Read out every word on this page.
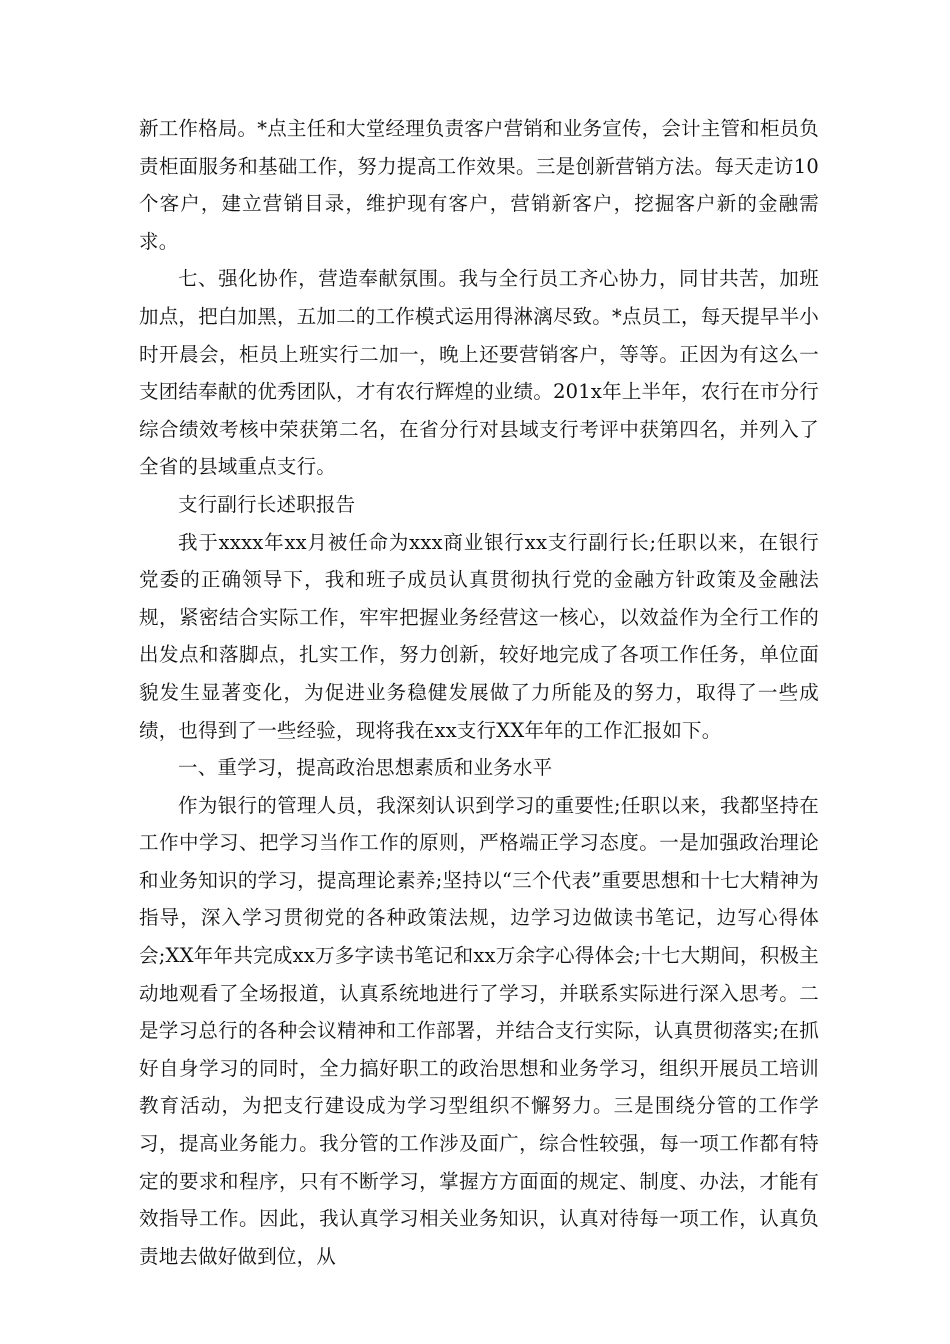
新工作格局。*点主任和大堂经理负责客户营销和业务宣传，会计主管和柜员负责柜面服务和基础工作，努力提高工作效果。三是创新营销方法。每天走访10个客户，建立营销目录，维护现有客户，营销新客户，挖掘客户新的金融需求。

七、强化协作，营造奉献氛围。我与全行员工齐心协力，同甘共苦，加班加点，把白加黑，五加二的工作模式运用得淋漓尽致。*点员工，每天提早半小时开晨会，柜员上班实行二加一，晚上还要营销客户，等等。正因为有这么一支团结奉献的优秀团队，才有农行辉煌的业绩。201x年上半年，农行在市分行综合绩效考核中荣获第二名，在省分行对县域支行考评中获第四名，并列入了全省的县域重点支行。

支行副行长述职报告

我于xxxx年xx月被任命为xxx商业银行xx支行副行长;任职以来，在银行党委的正确领导下，我和班子成员认真贯彻执行党的金融方针政策及金融法规，紧密结合实际工作，牢牢把握业务经营这一核心，以效益作为全行工作的出发点和落脚点，扎实工作，努力创新，较好地完成了各项工作任务，单位面貌发生显著变化，为促进业务稳健发展做了力所能及的努力，取得了一些成绩，也得到了一些经验，现将我在xx支行XX年年的工作汇报如下。

一、重学习，提高政治思想素质和业务水平

作为银行的管理人员，我深刻认识到学习的重要性;任职以来，我都坚持在工作中学习、把学习当作工作的原则，严格端正学习态度。一是加强政治理论和业务知识的学习，提高理论素养;坚持以“三个代表”重要思想和十七大精神为指导，深入学习贯彻党的各种政策法规，边学习边做读书笔记，边写心得体会;XX年年共完成xx万多字读书笔记和xx万余字心得体会;十七大期间，积极主动地观看了全场报道，认真系统地进行了学习，并联系实际进行深入思考。二是学习总行的各种会议精神和工作部署，并结合支行实际，认真贯彻落实;在抓好自身学习的同时，全力搞好职工的政治思想和业务学习，组织开展员工培训教育活动，为把支行建设成为学习型组织不懈努力。三是围绕分管的工作学习，提高业务能力。我分管的工作涉及面广，综合性较强，每一项工作都有特定的要求和程序，只有不断学习，掌握方方面面的规定、制度、办法，才能有效指导工作。因此，我认真学习相关业务知识，认真对待每一项工作，认真负责地去做好做到位，从
